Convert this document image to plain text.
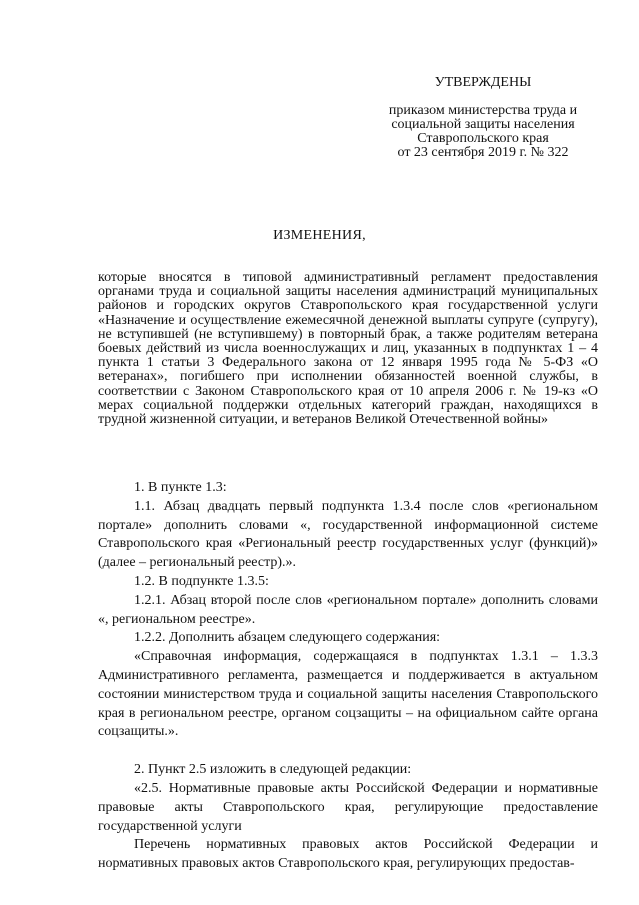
УТВЕРЖДЕНЫ
приказом министерства труда и
социальной защиты населения
Ставропольского края
от 23 сентября 2019 г. № 322
ИЗМЕНЕНИЯ,
которые вносятся в типовой административный регламент предоставления органами труда и социальной защиты населения администраций муниципальных районов и городских округов Ставропольского края государственной услуги «Назначение и осуществление ежемесячной денежной выплаты супруге (супругу), не вступившей (не вступившему) в повторный брак, а также родителям ветерана боевых действий из числа военнослужащих и лиц, указанных в подпунктах 1 – 4 пункта 1 статьи 3 Федерального закона от 12 января 1995 года № 5-ФЗ «О ветеранах», погибшего при исполнении обязанностей военной службы, в соответствии с Законом Ставропольского края от 10 апреля 2006 г. № 19-кз «О мерах социальной поддержки отдельных категорий граждан, находящихся в трудной жизненной ситуации, и ветеранов Великой Отечественной войны»

1. В пункте 1.3:

1.1. Абзац двадцать первый подпункта 1.3.4 после слов «региональном портале» дополнить словами «, государственной информационной системе Ставропольского края «Региональный реестр государственных услуг (функций)» (далее – региональный реестр).».

1.2. В подпункте 1.3.5:

1.2.1. Абзац второй после слов «региональном портале» дополнить словами «, региональном реестре».

1.2.2. Дополнить абзацем следующего содержания:

«Справочная информация, содержащаяся в подпунктах 1.3.1 – 1.3.3 Административного регламента, размещается и поддерживается в актуальном состоянии министерством труда и социальной защиты населения Ставропольского края в региональном реестре, органом соцзащиты – на официальном сайте органа соцзащиты.».

2. Пункт 2.5 изложить в следующей редакции:

«2.5. Нормативные правовые акты Российской Федерации и нормативные правовые акты Ставропольского края, регулирующие предоставление государственной услуги

Перечень нормативных правовых актов Российской Федерации и нормативных правовых актов Ставропольского края, регулирующих предостав-
